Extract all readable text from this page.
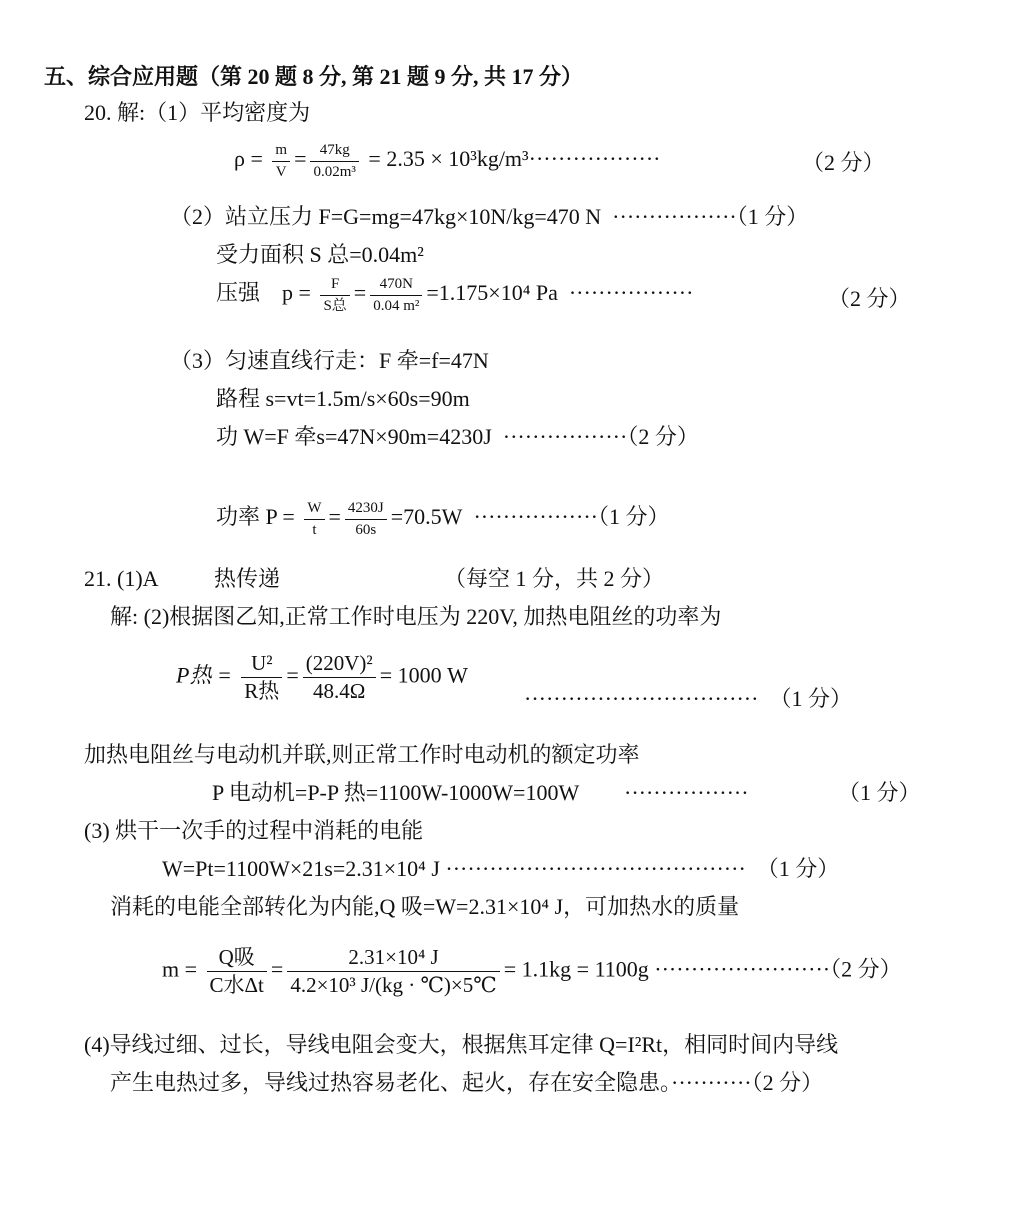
五、综合应用题（第 20 题 8 分, 第 21 题 9 分, 共 17 分）
20. 解:（1）平均密度为
$\rho = \frac{m}{V} = \frac{47kg}{\text{0.02m³}} = 2.35 \times 10^3kg/m^3\cdot\cdot\cdot\cdot\cdot\cdot\cdot\cdot\cdot\cdot\cdot\cdot\cdot\cdot\cdot\cdot\cdot\cdot$	（2 分）
（2）站立压力 F=G=mg=47kg×10N/kg=470 N ·················（1 分）
受力面积 S 总=0.04m²
压强 $p = \frac{F}{\text{S总}} = \frac{470N}{\text{0.04 m²}} =1.175\times 10^4$ Pa ·················	（2 分）
（3）匀速直线行走：F 牵=f=47N
路程 s=vt=1.5m/s×60s=90m
功 W=F 牵s=47N×90m=4230J ·················（2 分）
功率 $P = \frac{W}{t} = \frac{4230J}{60s} =70.5W \cdot\cdot\cdot\cdot\cdot\cdot\cdot\cdot\cdot\cdot\cdot\cdot\cdot\cdot\cdot\cdot\cdot(1$ 分）
21. (1)A	热传递	（每空 1 分，共 2 分）
解: (2)根据图乙知,正常工作时电压为 220V, 加热电阻丝的功率为
P热 = $\frac{\text{U²}}{\text{R热}} = \frac{\text{(220V)²}}{48.4\Omega} = 1000$ W
································ （1 分）
加热电阻丝与电动机并联,则正常工作时电动机的额定功率
P 电动机=P-P 热=1100W-1000W=100W ·················	（1 分）
(3) 烘干一次手的过程中消耗的电能
W=Pt=1100W×21s=2.31×10⁴ J ········································· （1 分）
消耗的电能全部转化为内能,Q 吸=W=2.31×10⁴ J，可加热水的质量
$m = \frac{\text{Q吸}}{\text{C水Δt}} = \frac{\text{2.31×10⁴ J}}{\text{4.2×10³ J/(kg · ℃)×5℃}} = 1.1kg = 1100g \cdot\cdot\cdot\cdot\cdot\cdot\cdot\cdot\cdot\cdot\cdot\cdot\cdot\cdot\cdot\cdot\cdot\cdot\cdot\cdot\cdot\cdot\cdot\cdot(2$ 分）
(4)导线过细、过长，导线电阻会变大，根据焦耳定律 Q=I²Rt，相同时间内导线
产生电热过多，导线过热容易老化、起火，存在安全隐患。···········（2 分）
